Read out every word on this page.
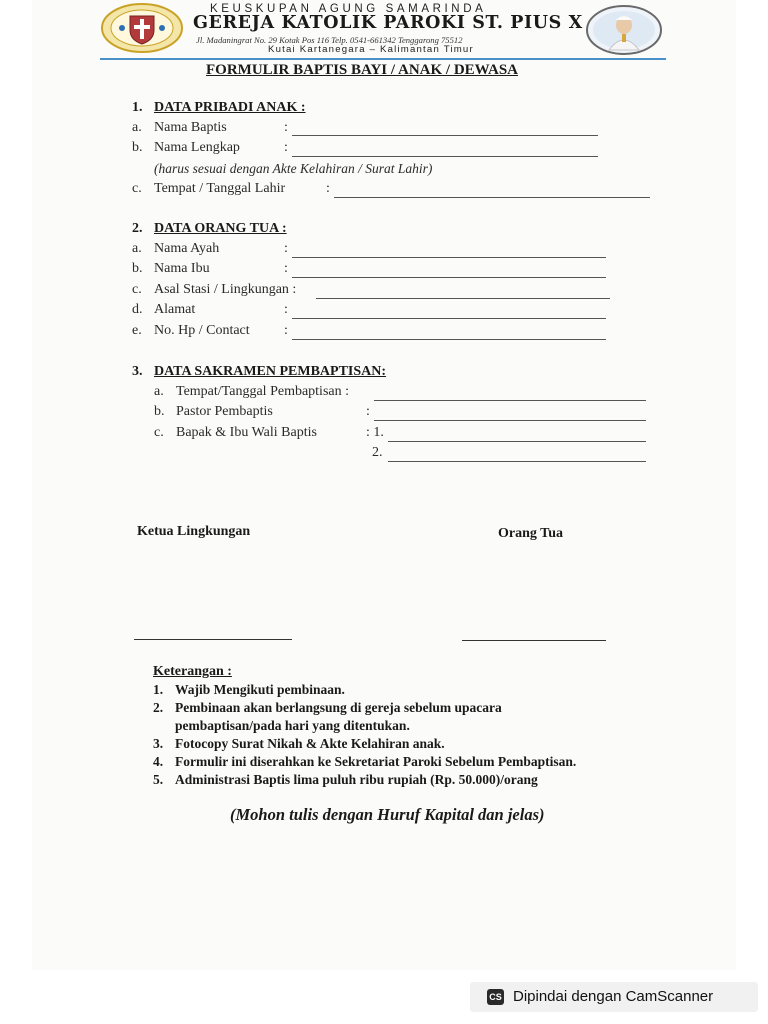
KEUSKUPAN AGUNG SAMARINDA
GEREJA KATOLIK PAROKI ST. PIUS X
Jl. Madaningrat No. 29 Kotak Pos 116 Telp. 0541-661342 Tenggarong 75512
Kutai Kartanegara – Kalimantan Timur
FORMULIR BAPTIS BAYI / ANAK / DEWASA
1. DATA PRIBADI ANAK :
a. Nama Baptis	:
b. Nama Lengkap	:
(harus sesuai dengan Akte Kelahiran / Surat Lahir)
c. Tempat / Tanggal Lahir	:
2. DATA ORANG TUA :
a. Nama Ayah	:
b. Nama Ibu	:
c. Asal Stasi / Lingkungan :
d. Alamat	:
e. No. Hp / Contact :
3. DATA SAKRAMEN PEMBAPTISAN:
a. Tempat/Tanggal Pembaptisan :
b. Pastor Pembaptis	:
c. Bapak & Ibu Wali Baptis	: 1.
2.
Ketua Lingkungan	Orang Tua
Keterangan :
1. Wajib Mengikuti pembinaan.
2. Pembinaan akan berlangsung di gereja sebelum upacara
pembaptisan/pada hari yang ditentukan.
3. Fotocopy Surat Nikah & Akte Kelahiran anak.
4. Formulir ini diserahkan ke Sekretariat Paroki Sebelum Pembaptisan.
5. Administrasi Baptis lima puluh ribu rupiah (Rp. 50.000)/orang
(Mohon tulis dengan Huruf Kapital dan jelas)
CS Dipindai dengan CamScanner
